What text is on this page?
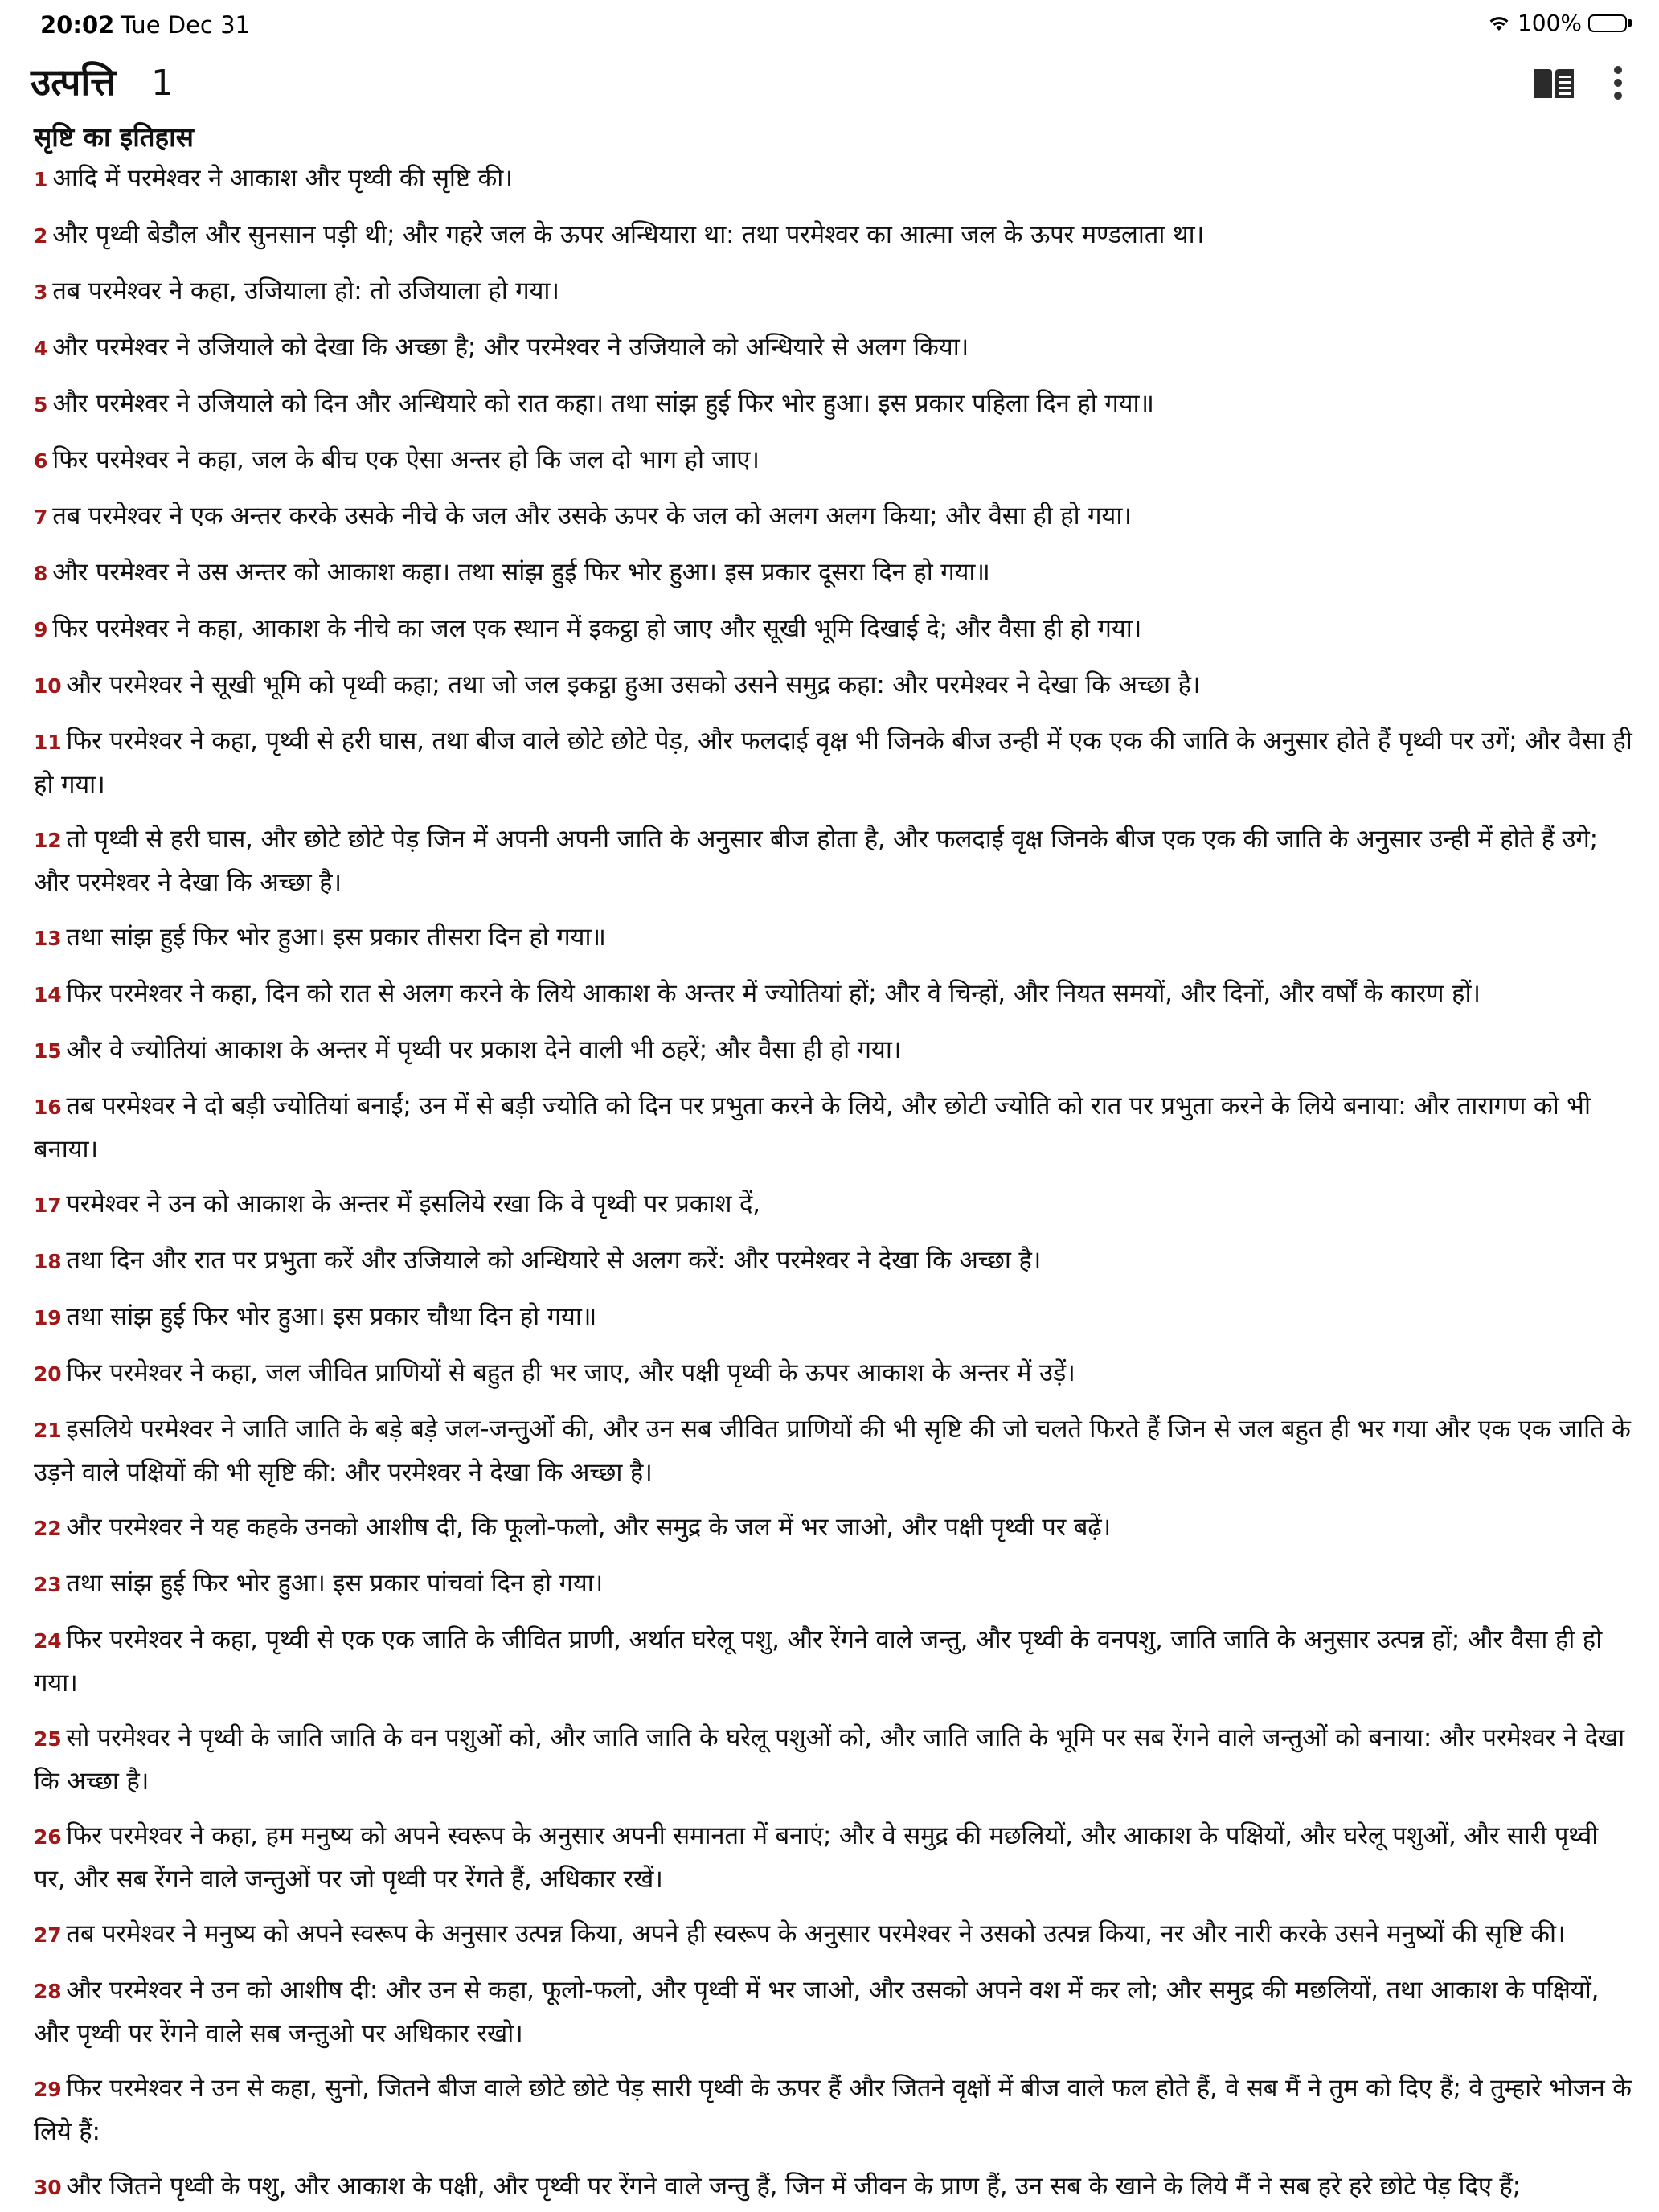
20:02 Tue Dec 31	100%
उत्पत्ति 1
सृष्टि का इतिहास
1 आदि में परमेश्वर ने आकाश और पृथ्वी की सृष्टि की।
2 और पृथ्वी बेडौल और सुनसान पड़ी थी; और गहरे जल के ऊपर अन्धियारा था: तथा परमेश्वर का आत्मा जल के ऊपर मण्डलाता था।
3 तब परमेश्वर ने कहा, उजियाला हो: तो उजियाला हो गया।
4 और परमेश्वर ने उजियाले को देखा कि अच्छा है; और परमेश्वर ने उजियाले को अन्धियारे से अलग किया।
5 और परमेश्वर ने उजियाले को दिन और अन्धियारे को रात कहा। तथा सांझ हुई फिर भोर हुआ। इस प्रकार पहिला दिन हो गया॥
6 फिर परमेश्वर ने कहा, जल के बीच एक ऐसा अन्तर हो कि जल दो भाग हो जाए।
7 तब परमेश्वर ने एक अन्तर करके उसके नीचे के जल और उसके ऊपर के जल को अलग अलग किया; और वैसा ही हो गया।
8 और परमेश्वर ने उस अन्तर को आकाश कहा। तथा सांझ हुई फिर भोर हुआ। इस प्रकार दूसरा दिन हो गया॥
9 फिर परमेश्वर ने कहा, आकाश के नीचे का जल एक स्थान में इकट्ठा हो जाए और सूखी भूमि दिखाई दे; और वैसा ही हो गया।
10 और परमेश्वर ने सूखी भूमि को पृथ्वी कहा; तथा जो जल इकट्ठा हुआ उसको उसने समुद्र कहा: और परमेश्वर ने देखा कि अच्छा है।
11 फिर परमेश्वर ने कहा, पृथ्वी से हरी घास, तथा बीज वाले छोटे छोटे पेड़, और फलदाई वृक्ष भी जिनके बीज उन्ही में एक एक की जाति के अनुसार होते हैं पृथ्वी पर उगें; और वैसा ही हो गया।
12 तो पृथ्वी से हरी घास, और छोटे छोटे पेड़ जिन में अपनी अपनी जाति के अनुसार बीज होता है, और फलदाई वृक्ष जिनके बीज एक एक की जाति के अनुसार उन्ही में होते हैं उगे; और परमेश्वर ने देखा कि अच्छा है।
13 तथा सांझ हुई फिर भोर हुआ। इस प्रकार तीसरा दिन हो गया॥
14 फिर परमेश्वर ने कहा, दिन को रात से अलग करने के लिये आकाश के अन्तर में ज्योतियां हों; और वे चिन्हों, और नियत समयों, और दिनों, और वर्षों के कारण हों।
15 और वे ज्योतियां आकाश के अन्तर में पृथ्वी पर प्रकाश देने वाली भी ठहरें; और वैसा ही हो गया।
16 तब परमेश्वर ने दो बड़ी ज्योतियां बनाईं; उन में से बड़ी ज्योति को दिन पर प्रभुता करने के लिये, और छोटी ज्योति को रात पर प्रभुता करने के लिये बनाया: और तारागण को भी बनाया।
17 परमेश्वर ने उन को आकाश के अन्तर में इसलिये रखा कि वे पृथ्वी पर प्रकाश दें,
18 तथा दिन और रात पर प्रभुता करें और उजियाले को अन्धियारे से अलग करें: और परमेश्वर ने देखा कि अच्छा है।
19 तथा सांझ हुई फिर भोर हुआ। इस प्रकार चौथा दिन हो गया॥
20 फिर परमेश्वर ने कहा, जल जीवित प्राणियों से बहुत ही भर जाए, और पक्षी पृथ्वी के ऊपर आकाश के अन्तर में उड़ें।
21 इसलिये परमेश्वर ने जाति जाति के बड़े बड़े जल-जन्तुओं की, और उन सब जीवित प्राणियों की भी सृष्टि की जो चलते फिरते हैं जिन से जल बहुत ही भर गया और एक एक जाति के उड़ने वाले पक्षियों की भी सृष्टि की: और परमेश्वर ने देखा कि अच्छा है।
22 और परमेश्वर ने यह कहके उनको आशीष दी, कि फूलो-फलो, और समुद्र के जल में भर जाओ, और पक्षी पृथ्वी पर बढ़ें।
23 तथा सांझ हुई फिर भोर हुआ। इस प्रकार पांचवां दिन हो गया।
24 फिर परमेश्वर ने कहा, पृथ्वी से एक एक जाति के जीवित प्राणी, अर्थात घरेलू पशु, और रेंगने वाले जन्तु, और पृथ्वी के वनपशु, जाति जाति के अनुसार उत्पन्न हों; और वैसा ही हो गया।
25 सो परमेश्वर ने पृथ्वी के जाति जाति के वन पशुओं को, और जाति जाति के घरेलू पशुओं को, और जाति जाति के भूमि पर सब रेंगने वाले जन्तुओं को बनाया: और परमेश्वर ने देखा कि अच्छा है।
26 फिर परमेश्वर ने कहा, हम मनुष्य को अपने स्वरूप के अनुसार अपनी समानता में बनाएं; और वे समुद्र की मछलियों, और आकाश के पक्षियों, और घरेलू पशुओं, और सारी पृथ्वी पर, और सब रेंगने वाले जन्तुओं पर जो पृथ्वी पर रेंगते हैं, अधिकार रखें।
27 तब परमेश्वर ने मनुष्य को अपने स्वरूप के अनुसार उत्पन्न किया, अपने ही स्वरूप के अनुसार परमेश्वर ने उसको उत्पन्न किया, नर और नारी करके उसने मनुष्यों की सृष्टि की।
28 और परमेश्वर ने उन को आशीष दी: और उन से कहा, फूलो-फलो, और पृथ्वी में भर जाओ, और उसको अपने वश में कर लो; और समुद्र की मछलियों, तथा आकाश के पक्षियों, और पृथ्वी पर रेंगने वाले सब जन्तुओ पर अधिकार रखो।
29 फिर परमेश्वर ने उन से कहा, सुनो, जितने बीज वाले छोटे छोटे पेड़ सारी पृथ्वी के ऊपर हैं और जितने वृक्षों में बीज वाले फल होते हैं, वे सब मैं ने तुम को दिए हैं; वे तुम्हारे भोजन के लिये हैं:
30 और जितने पृथ्वी के पशु, और आकाश के पक्षी, और पृथ्वी पर रेंगने वाले जन्तु हैं, जिन में जीवन के प्राण हैं, उन सब के खाने के लिये मैं ने सब हरे हरे छोटे पेड़ दिए हैं;
